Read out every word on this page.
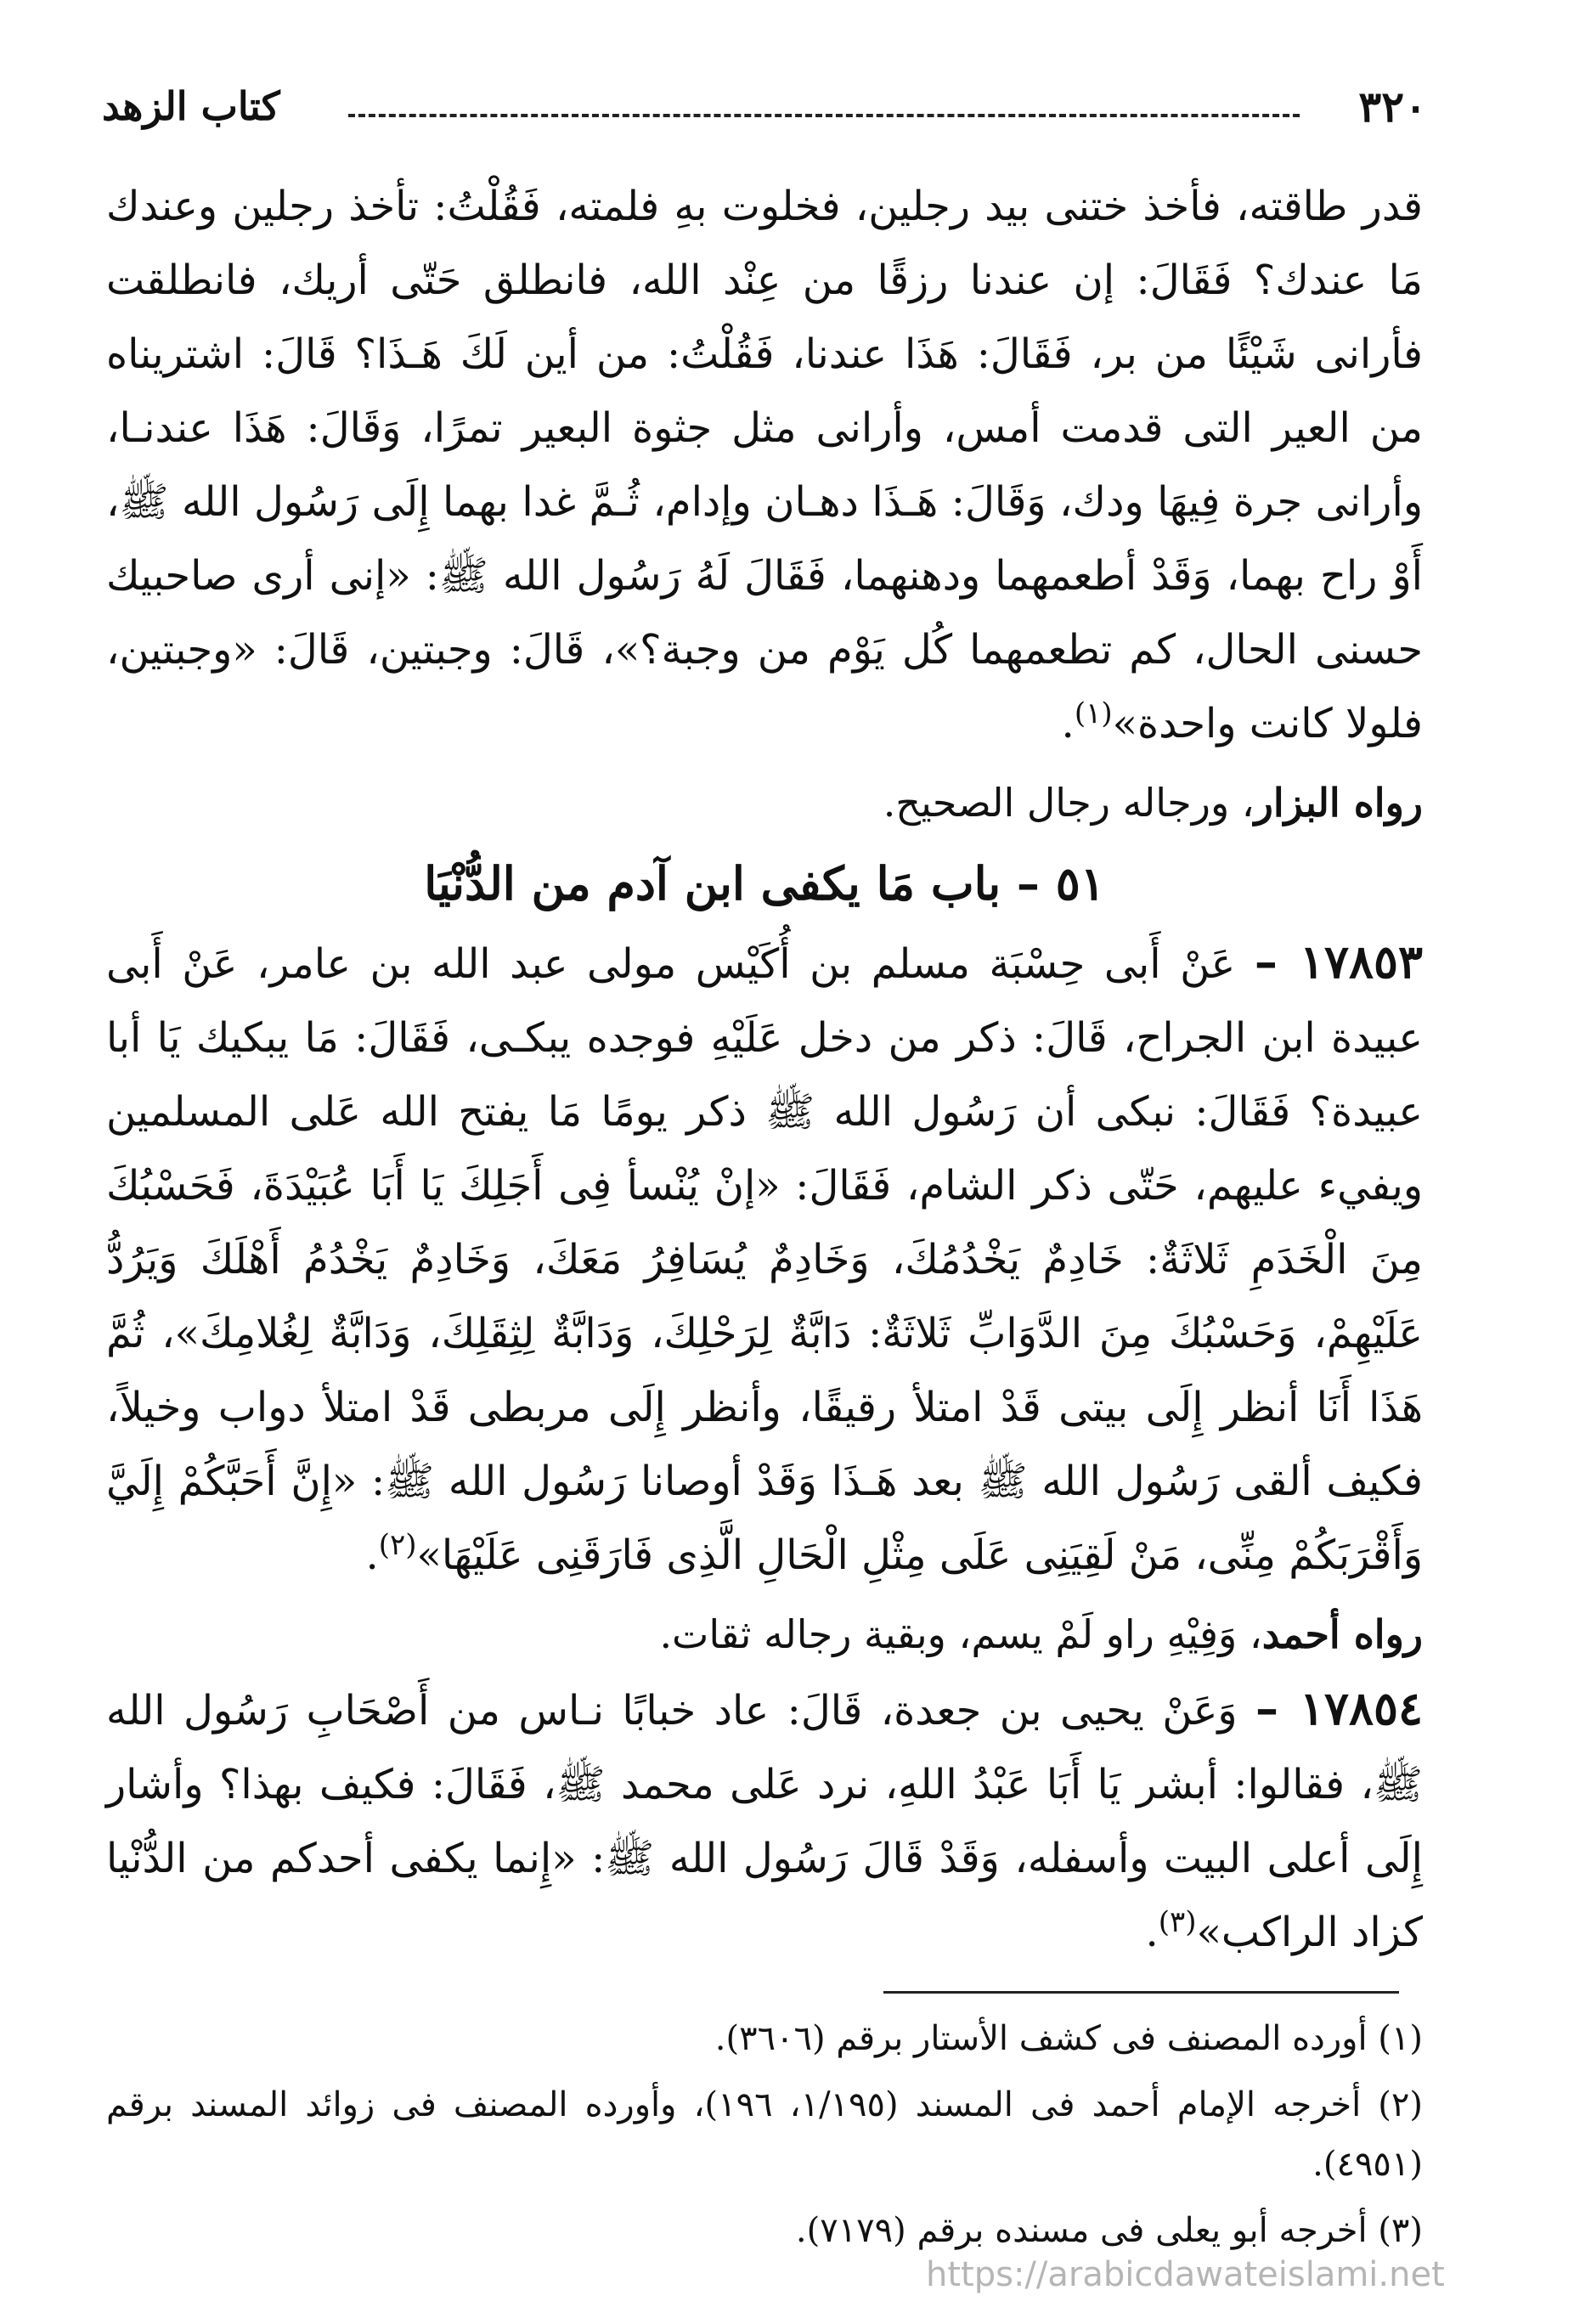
٣٢٠
كتاب الزهد

قدر طاقته، فأخذ ختنى بيد رجلين، فخلوت بهِ فلمته، فَقُلْتُ: تأخذ رجلين وعندك مَا عندك؟ فَقَالَ: إن عندنا رزقًا من عِنْد الله، فانطلق حَتّى أريك، فانطلقت فأرانى شَيْئًا من بر، فَقَالَ: هَذَا عندنا، فَقُلْتُ: من أين لَكَ هَـذَا؟ قَالَ: اشتريناه من العير التى قدمت أمس، وأرانى مثل جثوة البعير تمرًا، وَقَالَ: هَذَا عندنـا، وأرانى جرة فِيهَا ودك، وَقَالَ: هَـذَا دهـان وإدام، ثُـمَّ غدا بهما إِلَى رَسُول الله ﷺ، أَوْ راح بهما، وَقَدْ أطعمهما ودهنهما، فَقَالَ لَهُ رَسُول الله ﷺ: «إنى أرى صاحبيك حسنى الحال، كم تطعمهما كُل يَوْم من وجبة؟»، قَالَ: وجبتين، قَالَ: «وجبتين، فلولا كانت واحدة»$^{(١)}$.

رواه البزار، ورجاله رجال الصحيح.

٥١ – باب مَا يكفى ابن آدم من الدُّنْيَا

١٧٨٥٣ – عَنْ أَبى حِسْبَة مسلم بن أُكَيْس مولى عبد الله بن عامر، عَنْ أَبى عبيدة ابن الجراح، قَالَ: ذكر من دخل عَلَيْهِ فوجده يبكـى، فَقَالَ: مَا يبكيك يَا أبا عبيدة؟ فَقَالَ: نبكى أن رَسُول الله ﷺ ذكر يومًا مَا يفتح الله عَلى المسلمين ويفيء عليهم، حَتّى ذكر الشام، فَقَالَ: «إنْ يُنْسأ فِى أَجَلِكَ يَا أَبَا عُبَيْدَةَ، فَحَسْبُكَ مِنَ الْخَدَمِ ثَلاثَةٌ: خَادِمٌ يَخْدُمُكَ، وَخَادِمٌ يُسَافِرُ مَعَكَ، وَخَادِمٌ يَخْدُمُ أَهْلَكَ وَيَرُدُّ عَلَيْهِمْ، وَحَسْبُكَ مِنَ الدَّوَابِّ ثَلاثَةٌ: دَابَّةٌ لِرَحْلِكَ، وَدَابَّةٌ لِثِقَلِكَ، وَدَابَّةٌ لِغُلامِكَ»، ثُمَّ هَذَا أَنَا أنظر إِلَى بيتى قَدْ امتلأ رقيقًا، وأنظر إِلَى مربطى قَدْ امتلأ دواب وخيلاً، فكيف ألقى رَسُول الله ﷺ بعد هَـذَا وَقَدْ أوصانا رَسُول الله ﷺ: «إِنَّ أَحَبَّكُمْ إِلَيَّ وَأَقْرَبَكُمْ مِنِّى، مَنْ لَقِيَنِى عَلَى مِثْلِ الْحَالِ الَّذِى فَارَقَنِى عَلَيْهَا»$^{(٢)}$.

رواه أحمد، وَفِيْهِ راو لَمْ يسم، وبقية رجاله ثقات.

١٧٨٥٤ – وَعَنْ يحيى بن جعدة، قَالَ: عاد خبابًا نـاس من أَصْحَابِ رَسُول الله ﷺ، فقالوا: أبشر يَا أَبَا عَبْدُ اللهِ، نرد عَلى محمد ﷺ، فَقَالَ: فكيف بهذا؟ وأشار إِلَى أعلى البيت وأسفله، وَقَدْ قَالَ رَسُول الله ﷺ: «إِنما يكفى أحدكم من الدُّنْيا كزاد الراكب»$^{(٣)}$.

(١) أورده المصنف فى كشف الأستار برقم (٣٦٠٦).

(٢) أخرجه الإمام أحمد فى المسند (١/١٩٥، ١٩٦)، وأورده المصنف فى زوائد المسند برقم (٤٩٥١).

(٣) أخرجه أبو يعلى فى مسنده برقم (٧١٧٩).

https://arabicdawateislami.net
